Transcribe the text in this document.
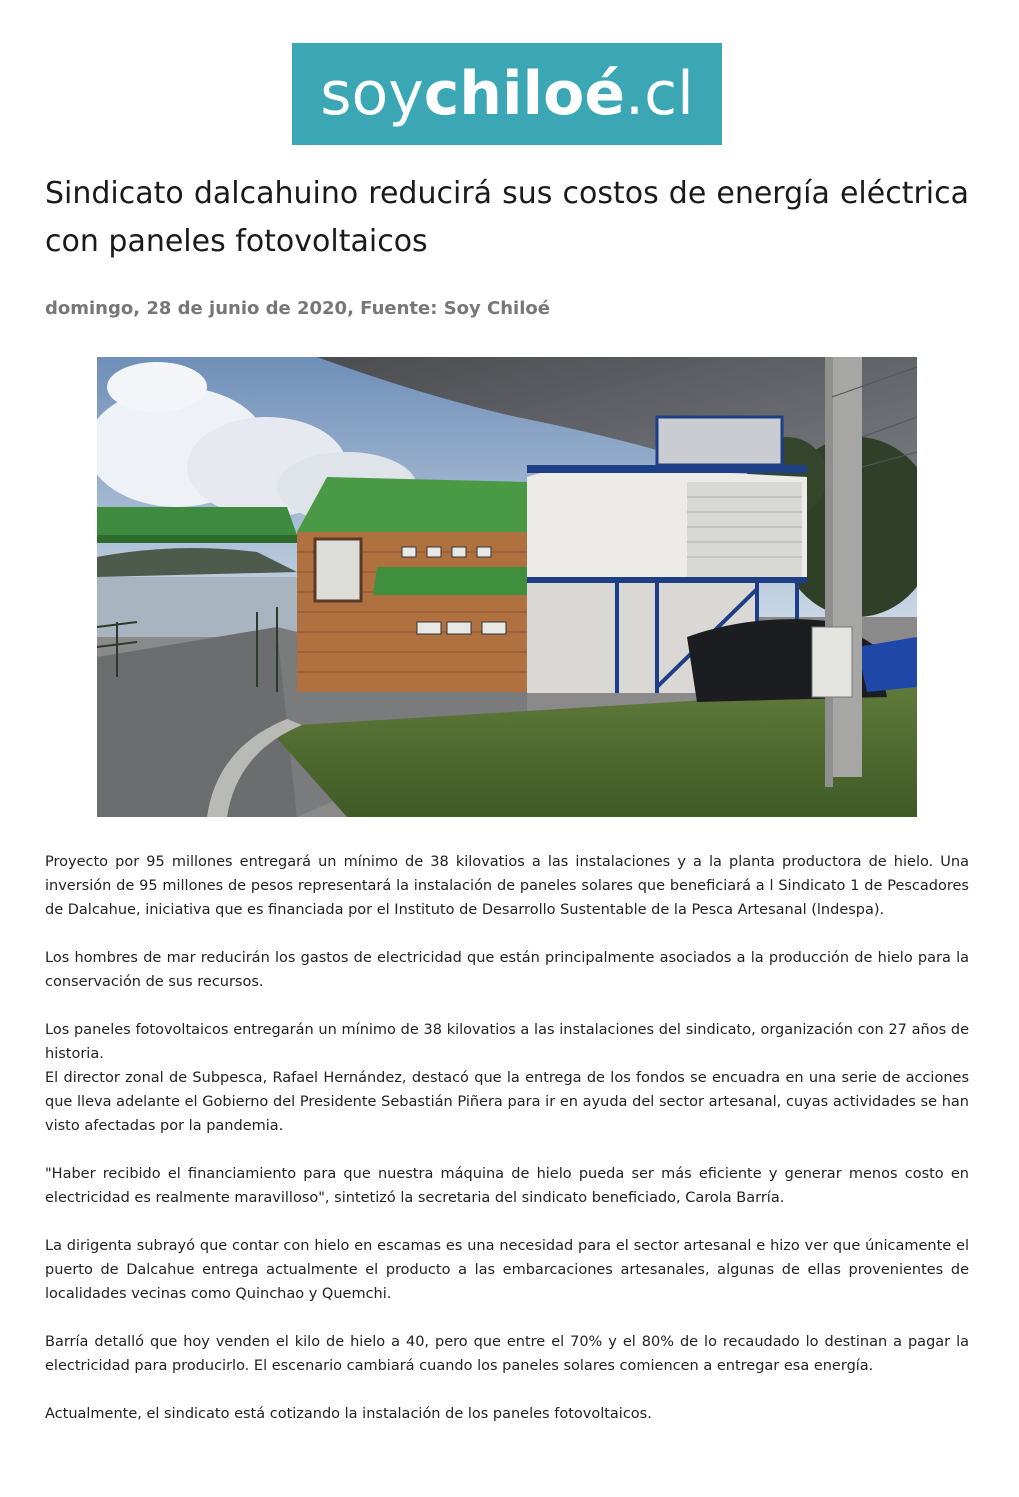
soy chiloé .cl
Sindicato dalcahuino reducirá sus costos de energía eléctrica con paneles fotovoltaicos
domingo, 28 de junio de 2020, Fuente: Soy Chiloé

Proyecto por 95 millones entregará un mínimo de 38 kilovatios a las instalaciones y a la planta productora de hielo. Una inversión de 95 millones de pesos representará la instalación de paneles solares que beneficiará a l Sindicato 1 de Pescadores de Dalcahue, iniciativa que es financiada por el Instituto de Desarrollo Sustentable de la Pesca Artesanal (lndespa).

Los hombres de mar reducirán los gastos de electricidad que están principalmente asociados a la producción de hielo para la conservación de sus recursos.

Los paneles fotovoltaicos entregarán un mínimo de 38 kilovatios a las instalaciones del sindicato, organización con 27 años de historia.

El director zonal de Subpesca, Rafael Hernández, destacó que la entrega de los fondos se encuadra en una serie de acciones que lleva adelante el Gobierno del Presidente Sebastián Piñera para ir en ayuda del sector artesanal, cuyas actividades se han visto afectadas por la pandemia.

"Haber recibido el financiamiento para que nuestra máquina de hielo pueda ser más eficiente y generar menos costo en electricidad es realmente maravilloso", sintetizó la secretaria del sindicato beneficiado, Carola Barría.

La dirigenta subrayó que contar con hielo en escamas es una necesidad para el sector artesanal e hizo ver que únicamente el puerto de Dalcahue entrega actualmente el producto a las embarcaciones artesanales, algunas de ellas provenientes de localidades vecinas como Quinchao y Quemchi.

Barría detalló que hoy venden el kilo de hielo a 40, pero que entre el 70% y el 80% de lo recaudado lo destinan a pagar la electricidad para producirlo. El escenario cambiará cuando los paneles solares comiencen a entregar esa energía.

Actualmente, el sindicato está cotizando la instalación de los paneles fotovoltaicos.
